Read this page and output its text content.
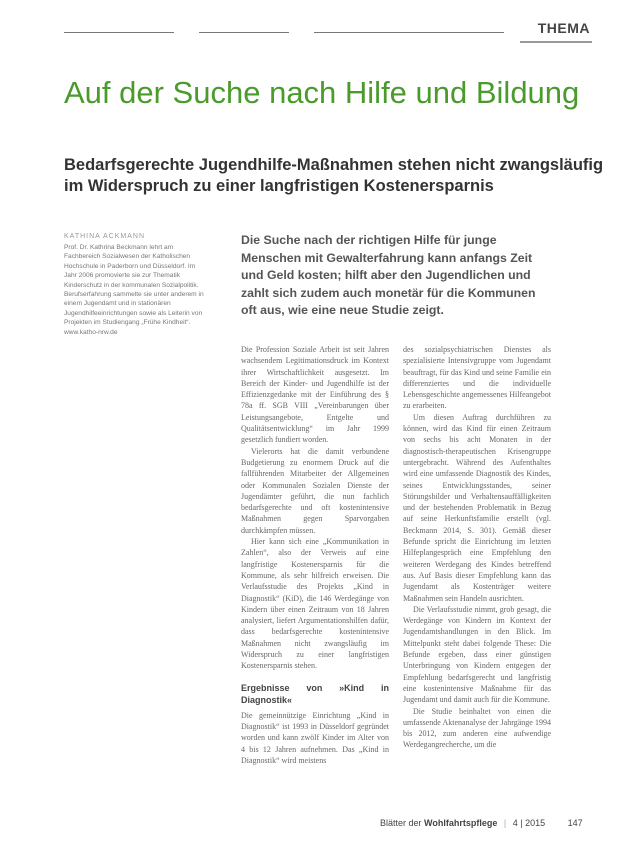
THEMA
Auf der Suche nach Hilfe und Bildung
Bedarfsgerechte Jugendhilfe-Maßnahmen stehen nicht zwangsläufig im Widerspruch zu einer langfristigen Kostenersparnis
KATHINA ACKMANN

Prof. Dr. Kathrina Beckmann lehrt am Fachbereich Sozialwesen der Katholischen Hochschule in Paderborn und Düsseldorf. Im Jahr 2006 promovierte sie zur Thematik Kinderschutz in der kommunalen Sozialpolitik. Berufserfahrung sammelte sie unter anderem in einem Jugendamt und in stationären Jugendhilfeeinrichtungen sowie als Leiterin von Projekten im Studiengang „Frühe Kindheit“. www.katho-nrw.de

Die Suche nach der richtigen Hilfe für junge Menschen mit Gewalterfahrung kann anfangs Zeit und Geld kosten; hilft aber den Jugendlichen und zahlt sich zudem auch monetär für die Kommunen oft aus, wie eine neue Studie zeigt.

Die Profession Soziale Arbeit ist seit Jahren wachsendem Legitimationsdruck im Kontext ihrer Wirtschaftlichkeit ausgesetzt. Im Bereich der Kinder- und Jugendhilfe ist der Effizienzgedanke mit der Einführung des § 78a ff. SGB VIII „Vereinbarungen über Leistungsangebote, Entgelte und Qualitätsentwicklung“ im Jahr 1999 gesetzlich fundiert worden.

Vielerorts hat die damit verbundene Budgetierung zu enormem Druck auf die fallführenden Mitarbeiter der Allgemeinen oder Kommunalen Sozialen Dienste der Jugendämter geführt, die nun fachlich bedarfsgerechte und oft kostenintensive Maßnahmen gegen Sparvorgaben durchkämpfen müssen.

Hier kann sich eine „Kommunikation in Zahlen“, also der Verweis auf eine langfristige Kostenersparnis für die Kommune, als sehr hilfreich erweisen. Die Verlaufsstudie des Projekts „Kind in Diagnostik“ (KiD), die 146 Werdegänge von Kindern über einen Zeitraum von 18 Jahren analysiert, liefert Argumentationshilfen dafür, dass bedarfsgerechte kostenintensive Maßnahmen nicht zwangsläufig im Widerspruch zu einer langfristigen Kostenersparnis stehen.

Ergebnisse von »Kind in Diagnostik«

Die gemeinnützige Einrichtung „Kind in Diagnostik“ ist 1993 in Düsseldorf gegründet worden und kann zwölf Kinder im Alter von 4 bis 12 Jahren aufnehmen. Das „Kind in Diagnostik“ wird meistens

des sozialpsychiatrischen Dienstes als spezialisierte Intensivgruppe vom Jugendamt beauftragt, für das Kind und seine Familie ein differenziertes und die individuelle Lebensgeschichte angemessenes Hilfeangebot zu erarbeiten.

Um diesen Auftrag durchführen zu können, wird das Kind für einen Zeitraum von sechs bis acht Monaten in der diagnostisch-therapeutischen Krisengruppe untergebracht. Während des Aufenthaltes wird eine umfassende Diagnostik des Kindes, seines Entwicklungsstandes, seiner Störungsbilder und Verhaltensauffälligkeiten und der bestehenden Problematik in Bezug auf seine Herkunftsfamilie erstellt (vgl. Beckmann 2014, S. 301). Gemäß dieser Befunde spricht die Einrichtung im letzten Hilfeplangespräch eine Empfehlung den weiteren Werdegang des Kindes betreffend aus. Auf Basis dieser Empfehlung kann das Jugendamt als Kostenträger weitere Maßnahmen sein Handeln ausrichten.

Die Verlaufsstudie nimmt, grob gesagt, die Werdegänge von Kindern im Kontext der Jugendamtshandlungen in den Blick. Im Mittelpunkt steht dabei folgende These: Die Befunde ergeben, dass einer günstigen Unterbringung von Kindern entgegen der Empfehlung bedarfsgerecht und langfristig eine kostenintensive Maßnahme für das Jugendamt und damit auch für die Kommune.

Die Studie beinhaltet von einen die umfassende Aktenanalyse der Jahrgänge 1994 bis 2012, zum anderen eine aufwendige Werdegangrecherche, um die

Blätter der Wohlfahrtspflege | 4 | 2015	147
